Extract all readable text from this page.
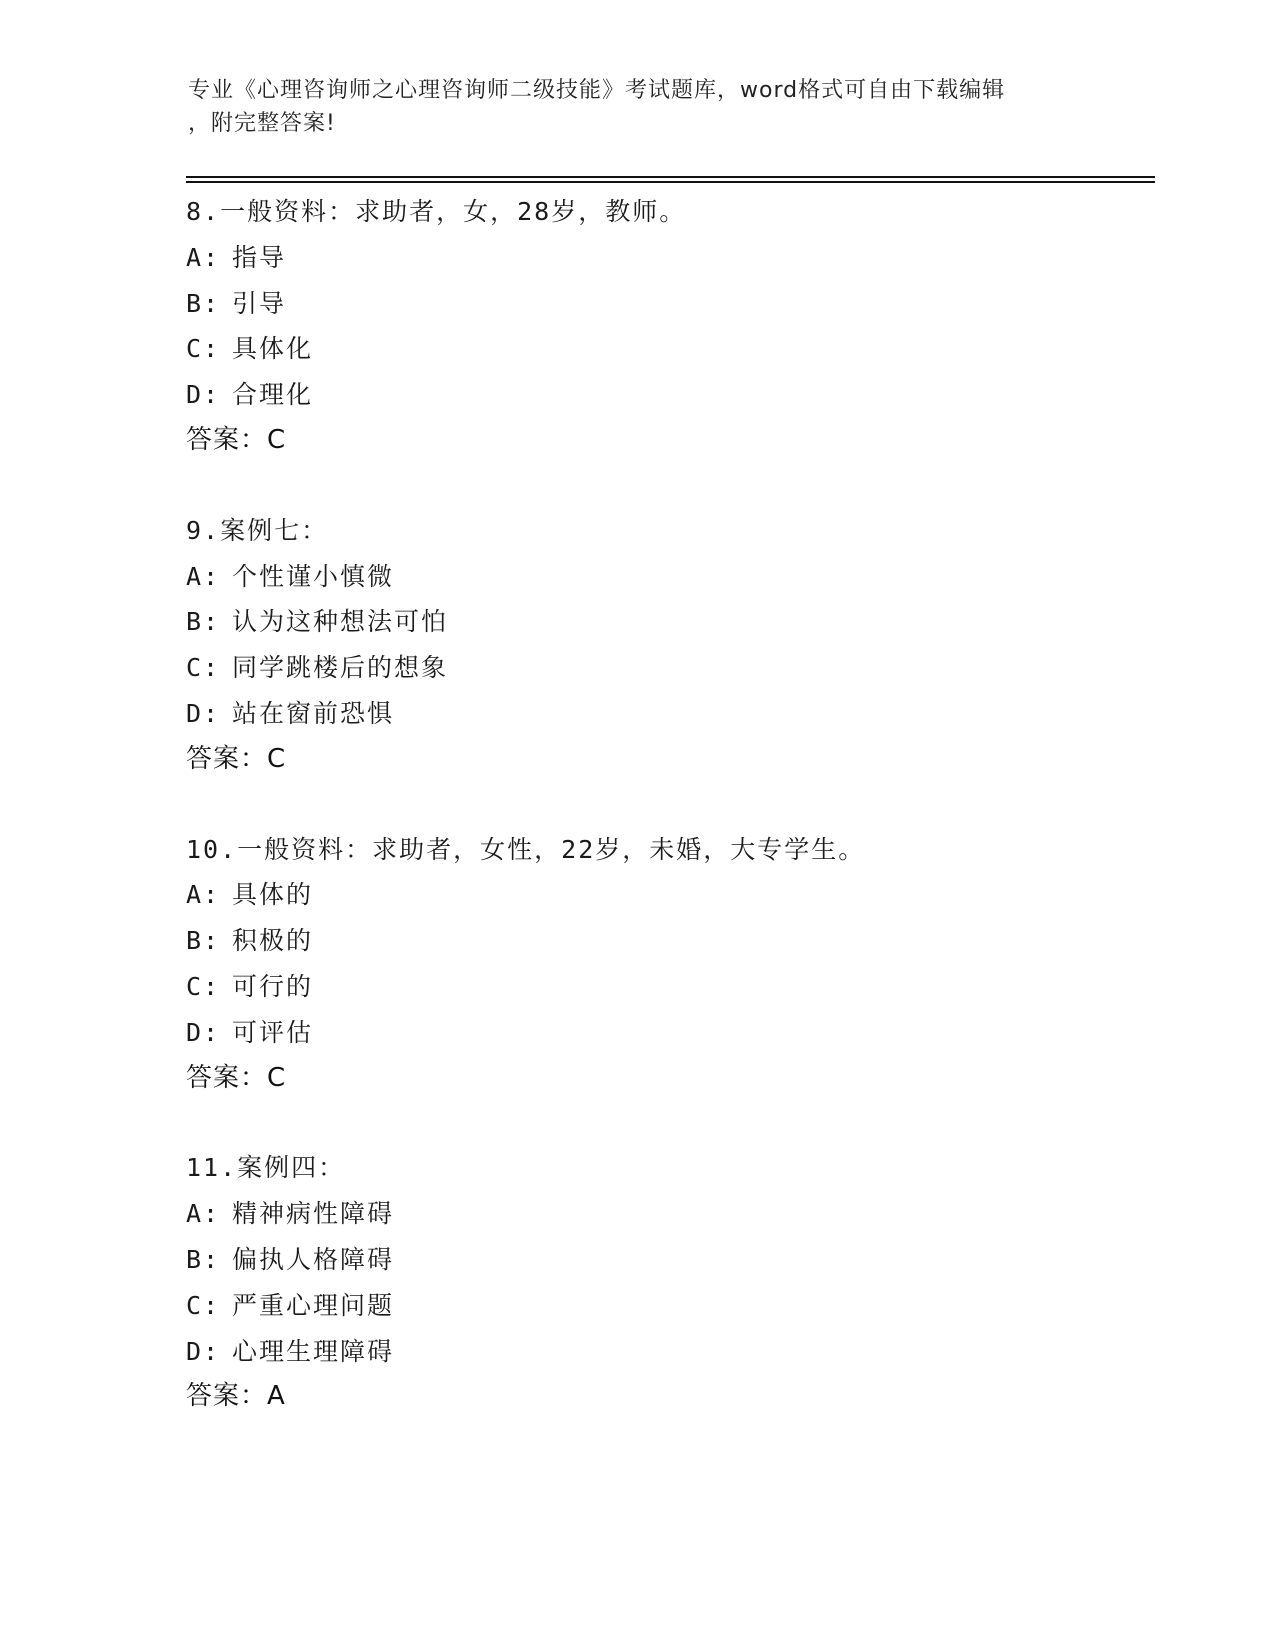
专业《心理咨询师之心理咨询师二级技能》考试题库，word格式可自由下载编辑
，附完整答案!
8.一般资料：求助者，女，28岁，教师。
A: 指导
B: 引导
C: 具体化
D: 合理化
答案：C
9.案例七：
A: 个性谨小慎微
B: 认为这种想法可怕
C: 同学跳楼后的想象
D: 站在窗前恐惧
答案：C
10.一般资料：求助者，女性，22岁，未婚，大专学生。
A: 具体的
B: 积极的
C: 可行的
D: 可评估
答案：C
11.案例四：
A: 精神病性障碍
B: 偏执人格障碍
C: 严重心理问题
D: 心理生理障碍
答案：A
